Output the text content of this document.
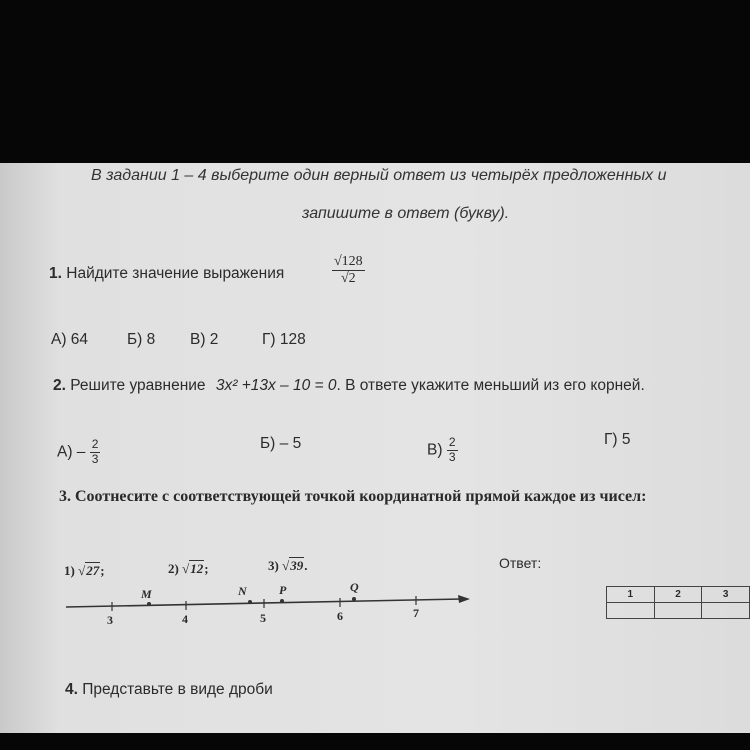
В задании 1 – 4 выберите один верный ответ из четырёх предложенных и
запишите в ответ (букву).
1. Найдите значение выражения	$\frac{√128}{√2}$
А) 64	Б) 8 В) 2	Г) 128
2. Решите уравнение 3x² +13x – 10 = 0. В ответе укажите меньший из его корней.
$А) - \frac{2}{3}$	Б) – 5	$В) \frac{2}{3}$	Г) 5
3. Соотнесите с соответствующей точкой координатной прямой каждое из чисел:
1) √27;	2) √12;	3) √39.	Ответ:
M	N	P	Q
3	4	5	6	7
1	2	3

4. Представьте в виде дроби
